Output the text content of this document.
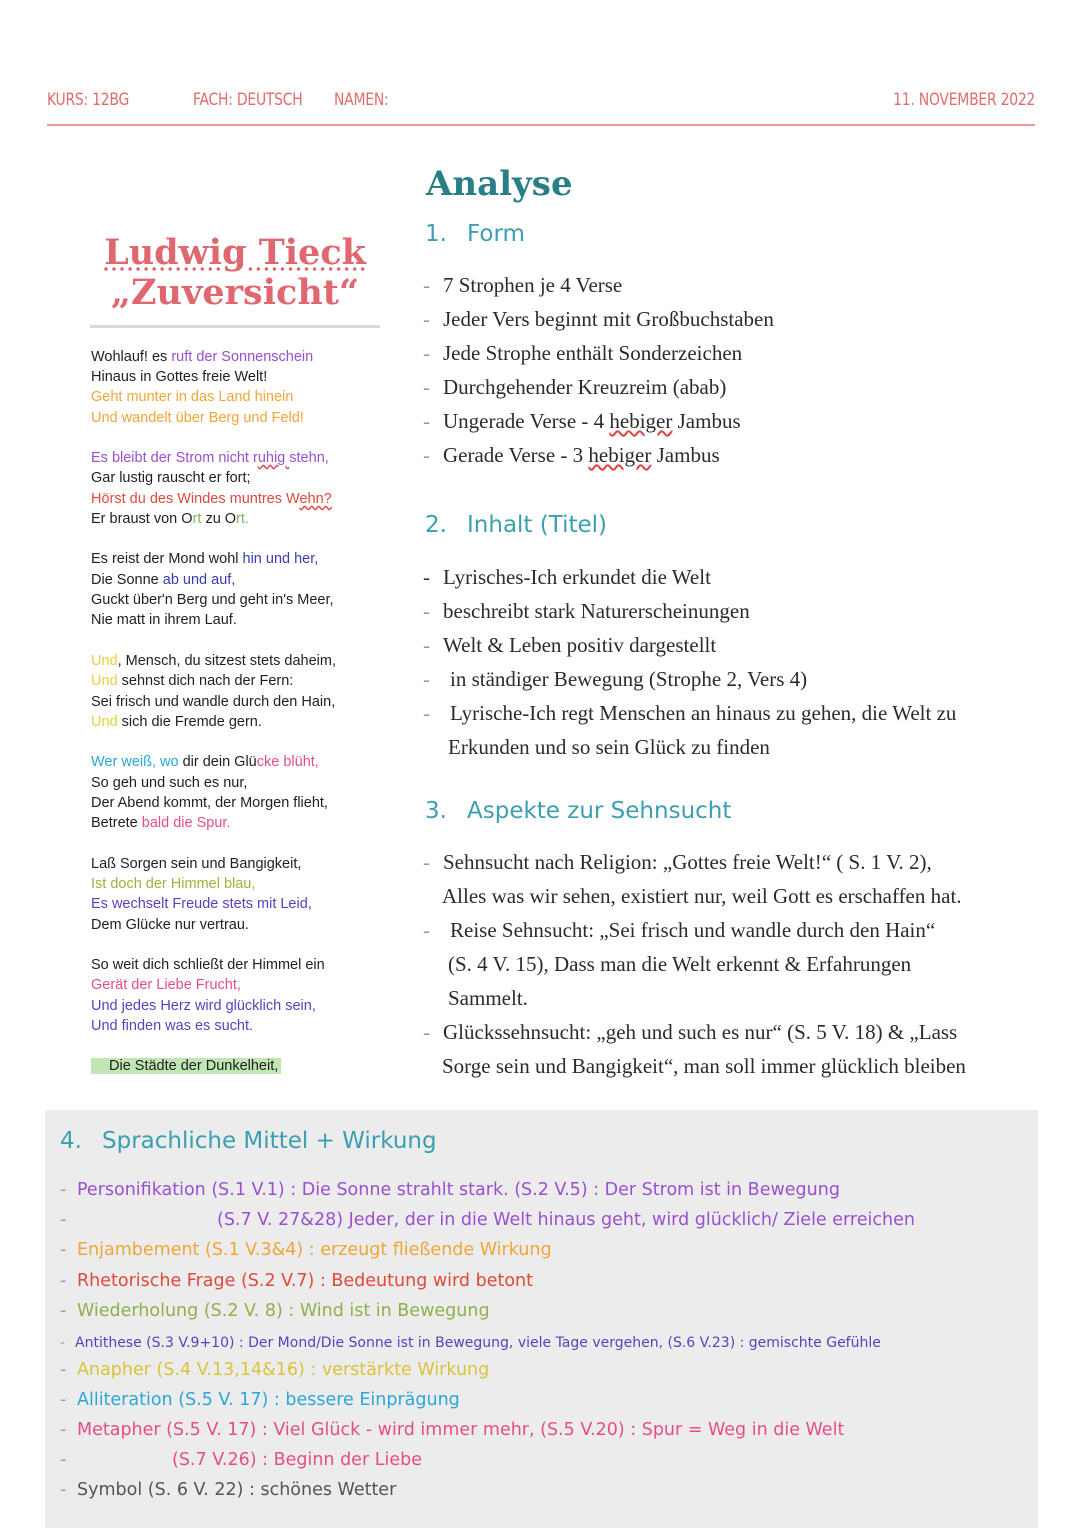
KURS: 12BG	FACH: DEUTSCH NAMEN:	11. NOVEMBER 2022
Ludwig Tieck
„Zuversicht“
Wohlauf! es ruft der Sonnenschein
Hinaus in Gottes freie Welt!
Geht munter in das Land hinein
Und wandelt über Berg und Feld!
Es bleibt der Strom nicht ruhig stehn,
Gar lustig rauscht er fort;
Hörst du des Windes muntres Wehn?
Er braust von Ort zu Ort.
Es reist der Mond wohl hin und her,
Die Sonne ab und auf,
Guckt über'n Berg und geht in's Meer,
Nie matt in ihrem Lauf.
Und, Mensch, du sitzest stets daheim,
Und sehnst dich nach der Fern:
Sei frisch und wandle durch den Hain,
Und sich die Fremde gern.
Wer weiß, wo dir dein Glücke blüht,
So geh und such es nur,
Der Abend kommt, der Morgen flieht,
Betrete bald die Spur.
Laß Sorgen sein und Bangigkeit,
Ist doch der Himmel blau,
Es wechselt Freude stets mit Leid,
Dem Glücke nur vertrau.
So weit dich schließt der Himmel ein
Gerät der Liebe Frucht,
Und jedes Herz wird glücklich sein,
Und finden was es sucht.
Die Städte der Dunkelheit,
Analyse
1. Form
- 7 Strophen je 4 Verse
- Jeder Vers beginnt mit Großbuchstaben
- Jede Strophe enthält Sonderzeichen
- Durchgehender Kreuzreim (abab)
- Ungerade Verse - 4 hebiger Jambus
- Gerade Verse - 3 hebiger Jambus
2. Inhalt (Titel)
- Lyrisches-Ich erkundet die Welt
- beschreibt stark Naturerscheinungen
- Welt & Leben positiv dargestellt
- in ständiger Bewegung (Strophe 2, Vers 4)
- Lyrische-Ich regt Menschen an hinaus zu gehen, die Welt zu
Erkunden und so sein Glück zu finden
3. Aspekte zur Sehnsucht
- Sehnsucht nach Religion: „Gottes freie Welt!“ ( S. 1 V. 2),
Alles was wir sehen, existiert nur, weil Gott es erschaffen hat.
- Reise Sehnsucht: „Sei frisch und wandle durch den Hain“
(S. 4 V. 15), Dass man die Welt erkennt & Erfahrungen
Sammelt.
- Glückssehnsucht: „geh und such es nur“ (S. 5 V. 18) & „Lass
Sorge sein und Bangigkeit“, man soll immer glücklich bleiben
4. Sprachliche Mittel + Wirkung
- Personifikation (S.1 V.1) : Die Sonne strahlt stark. (S.2 V.5) : Der Strom ist in Bewegung
-	(S.7 V. 27&28) Jeder, der in die Welt hinaus geht, wird glücklich/ Ziele erreichen
- Enjambement (S.1 V.3&4) : erzeugt fließende Wirkung
- Rhetorische Frage (S.2 V.7) : Bedeutung wird betont
- Wiederholung (S.2 V. 8) : Wind ist in Bewegung
- Antithese (S.3 V.9+10) : Der Mond/Die Sonne ist in Bewegung, viele Tage vergehen, (S.6 V.23) : gemischte Gefühle
- Anapher (S.4 V.13,14&16) : verstärkte Wirkung
- Alliteration (S.5 V. 17) : bessere Einprägung
- Metapher (S.5 V. 17) : Viel Glück - wird immer mehr, (S.5 V.20) : Spur = Weg in die Welt
-	(S.7 V.26) : Beginn der Liebe
- Symbol (S. 6 V. 22) : schönes Wetter
